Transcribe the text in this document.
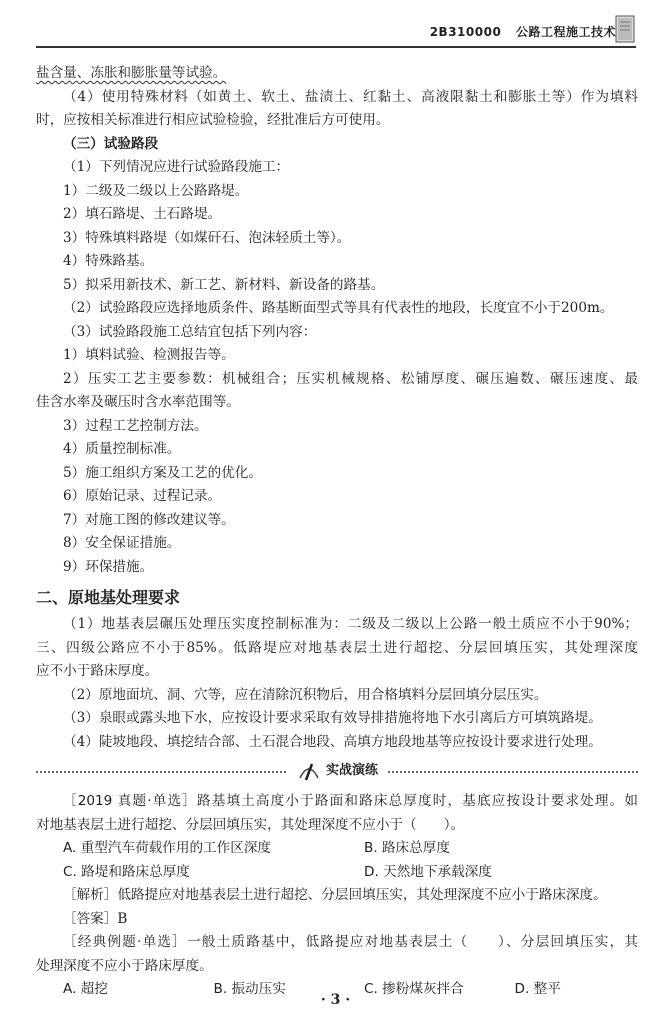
2B310000 公路工程施工技术
盐含量、冻胀和膨胀量等试验。
（4）使用特殊材料（如黄土、软土、盐渍土、红黏土、高液限黏土和膨胀土等）作为填料
时，应按相关标准进行相应试验检验，经批准后方可使用。
（三）试验路段
（1）下列情况应进行试验路段施工：
1）二级及二级以上公路路堤。
2）填石路堤、土石路堤。
3）特殊填料路堤（如煤矸石、泡沫轻质土等）。
4）特殊路基。
5）拟采用新技术、新工艺、新材料、新设备的路基。
（2）试验路段应选择地质条件、路基断面型式等具有代表性的地段，长度宜不小于200m。
（3）试验路段施工总结宜包括下列内容：
1）填料试验、检测报告等。
2）压实工艺主要参数：机械组合；压实机械规格、松铺厚度、碾压遍数、碾压速度、最
佳含水率及碾压时含水率范围等。
3）过程工艺控制方法。
4）质量控制标准。
5）施工组织方案及工艺的优化。
6）原始记录、过程记录。
7）对施工图的修改建议等。
8）安全保证措施。
9）环保措施。
二、原地基处理要求
（1）地基表层碾压处理压实度控制标准为：二级及二级以上公路一般土质应不小于90%；
三、四级公路应不小于85%。低路堤应对地基表层土进行超挖、分层回填压实，其处理深度
应不小于路床厚度。
（2）原地面坑、洞、穴等，应在清除沉积物后，用合格填料分层回填分层压实。
（3）泉眼或露头地下水，应按设计要求采取有效导排措施将地下水引离后方可填筑路堤。
（4）陡坡地段、填挖结合部、土石混合地段、高填方地段地基等应按设计要求进行处理。
实战演练
［2019 真题·单选］路基填土高度小于路面和路床总厚度时，基底应按设计要求处理。如
对地基表层土进行超挖、分层回填压实，其处理深度不应小于（　　）。
A. 重型汽车荷载作用的工作区深度	B. 路床总厚度
C. 路堤和路床总厚度	D. 天然地下承载深度
［解析］低路提应对地基表层土进行超挖、分层回填压实，其处理深度不应小于路床深度。
［答案］B
［经典例题·单选］一般土质路基中，低路提应对地基表层土（　　）、分层回填压实，其
处理深度不应小于路床厚度。
A. 超挖	B. 振动压实	C. 掺粉煤灰拌合	D. 整平
· 3 ·
